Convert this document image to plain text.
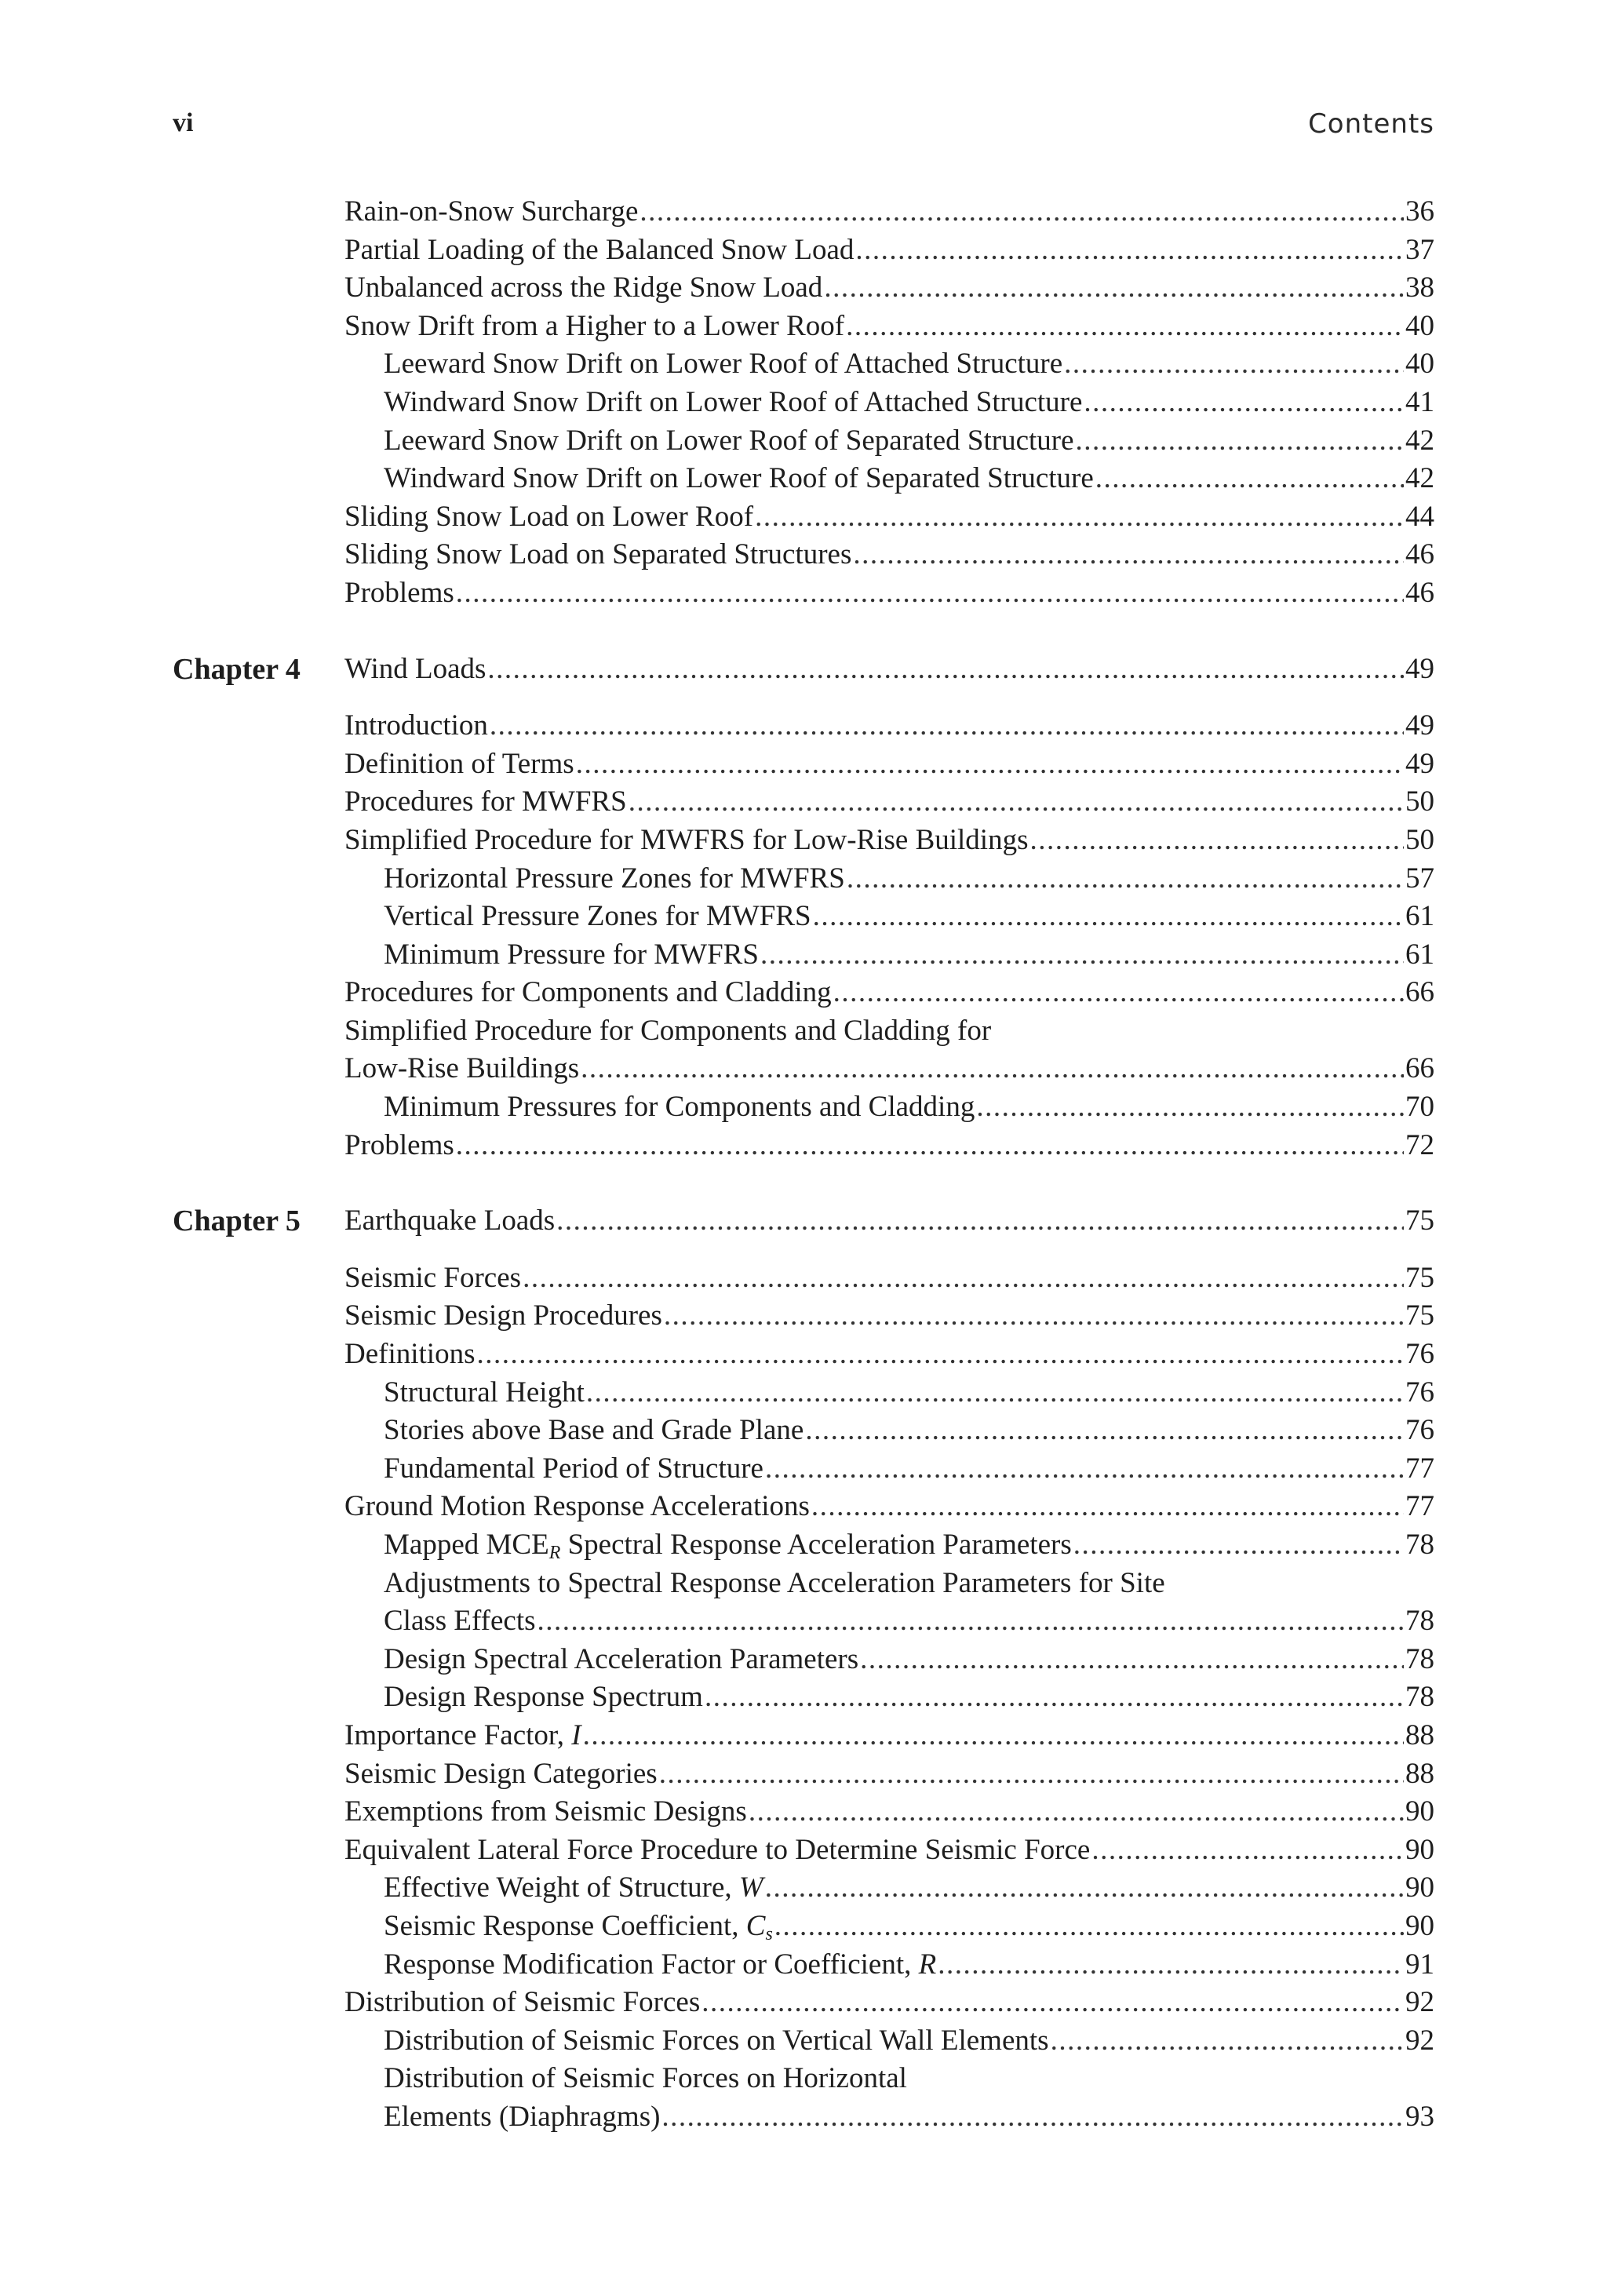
vi	Contents
Rain-on-Snow Surcharge .....	36
Partial Loading of the Balanced Snow Load .....	37
Unbalanced across the Ridge Snow Load .....	38
Snow Drift from a Higher to a Lower Roof .....	40
Leeward Snow Drift on Lower Roof of Attached Structure .....	40
Windward Snow Drift on Lower Roof of Attached Structure .....	41
Leeward Snow Drift on Lower Roof of Separated Structure .....	42
Windward Snow Drift on Lower Roof of Separated Structure .....	42
Sliding Snow Load on Lower Roof .....	44
Sliding Snow Load on Separated Structures .....	46
Problems .....	46
Chapter 4 Wind Loads .....	49
Introduction .....	49
Definition of Terms .....	49
Procedures for MWFRS .....	50
Simplified Procedure for MWFRS for Low-Rise Buildings .....	50
Horizontal Pressure Zones for MWFRS .....	57
Vertical Pressure Zones for MWFRS .....	61
Minimum Pressure for MWFRS .....	61
Procedures for Components and Cladding .....	66
Simplified Procedure for Components and Cladding for
Low-Rise Buildings .....	66
Minimum Pressures for Components and Cladding .....	70
Problems .....	72
Chapter 5 Earthquake Loads .....	75
Seismic Forces .....	75
Seismic Design Procedures .....	75
Definitions .....	76
Structural Height .....	76
Stories above Base and Grade Plane .....	76
Fundamental Period of Structure .....	77
Ground Motion Response Accelerations .....	77
Mapped $MCE_R$ Spectral Response Acceleration Parameters .....	78
Adjustments to Spectral Response Acceleration Parameters for Site
Class Effects .....	78
Design Spectral Acceleration Parameters .....	78
Design Response Spectrum .....	78
Importance Factor, I .....	88
Seismic Design Categories .....	88
Exemptions from Seismic Designs .....	90
Equivalent Lateral Force Procedure to Determine Seismic Force .....	90
Effective Weight of Structure, W .....	90
Seismic Response Coefficient, $C_s$ .....	90
Response Modification Factor or Coefficient, R .....	91
Distribution of Seismic Forces .....	92
Distribution of Seismic Forces on Vertical Wall Elements .....	92
Distribution of Seismic Forces on Horizontal
Elements (Diaphragms) .....	93
